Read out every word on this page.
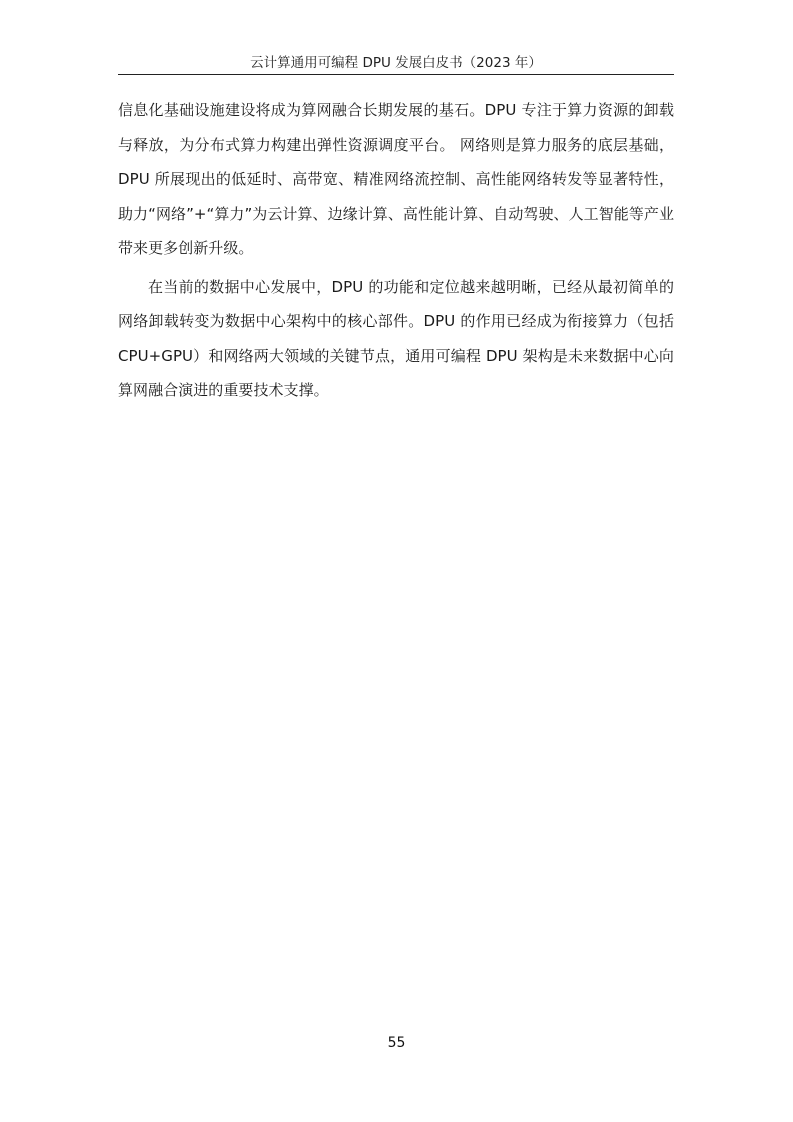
云计算通用可编程 DPU 发展白皮书（2023 年）

信息化基础设施建设将成为算网融合长期发展的基石。DPU 专注于算力资源的卸载与释放，为分布式算力构建出弹性资源调度平台。 网络则是算力服务的底层基础，DPU 所展现出的低延时、高带宽、精准网络流控制、高性能网络转发等显著特性，助力“网络”+“算力”为云计算、边缘计算、高性能计算、自动驾驶、人工智能等产业带来更多创新升级。

在当前的数据中心发展中，DPU 的功能和定位越来越明晰，已经从最初简单的网络卸载转变为数据中心架构中的核心部件。DPU 的作用已经成为衔接算力（包括 CPU+GPU）和网络两大领域的关键节点，通用可编程 DPU 架构是未来数据中心向算网融合演进的重要技术支撑。

55
